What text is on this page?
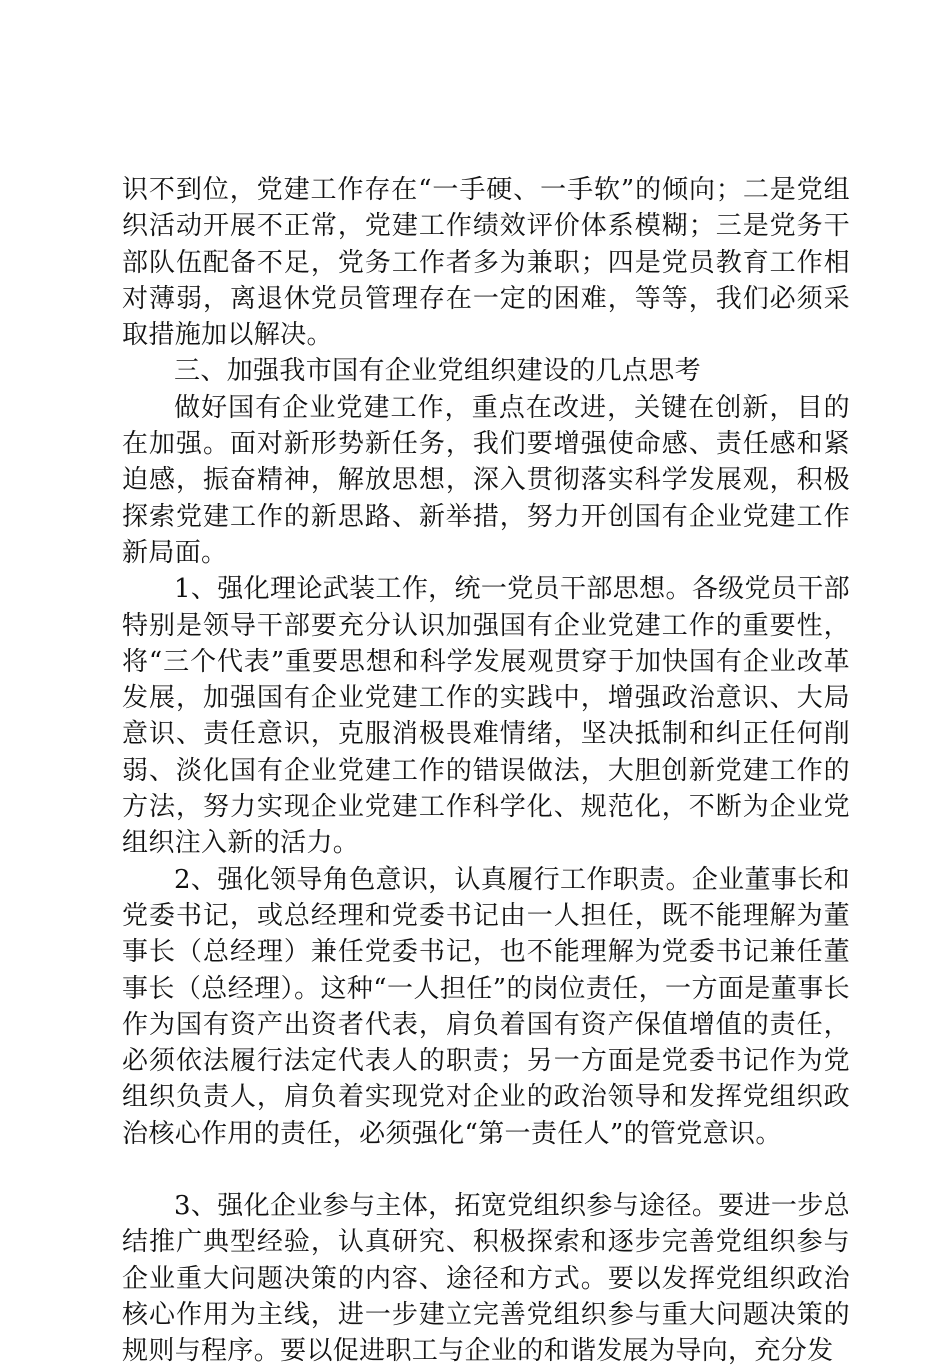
识不到位，党建工作存在“一手硬、一手软”的倾向；二是党组织活动开展不正常，党建工作绩效评价体系模糊；三是党务干部队伍配备不足，党务工作者多为兼职；四是党员教育工作相对薄弱，离退休党员管理存在一定的困难，等等，我们必须采取措施加以解决。

三、加强我市国有企业党组织建设的几点思考

做好国有企业党建工作，重点在改进，关键在创新，目的在加强。面对新形势新任务，我们要增强使命感、责任感和紧迫感，振奋精神，解放思想，深入贯彻落实科学发展观，积极探索党建工作的新思路、新举措，努力开创国有企业党建工作新局面。

1、强化理论武装工作，统一党员干部思想。各级党员干部特别是领导干部要充分认识加强国有企业党建工作的重要性，将“三个代表”重要思想和科学发展观贯穿于加快国有企业改革发展，加强国有企业党建工作的实践中，增强政治意识、大局意识、责任意识，克服消极畏难情绪，坚决抵制和纠正任何削弱、淡化国有企业党建工作的错误做法，大胆创新党建工作的方法，努力实现企业党建工作科学化、规范化，不断为企业党组织注入新的活力。

2、强化领导角色意识，认真履行工作职责。企业董事长和党委书记，或总经理和党委书记由一人担任，既不能理解为董事长（总经理）兼任党委书记，也不能理解为党委书记兼任董事长（总经理）。这种“一人担任”的岗位责任，一方面是董事长作为国有资产出资者代表，肩负着国有资产保值增值的责任，必须依法履行法定代表人的职责；另一方面是党委书记作为党组织负责人，肩负着实现党对企业的政治领导和发挥党组织政治核心作用的责任，必须强化“第一责任人”的管党意识。

3、强化企业参与主体，拓宽党组织参与途径。要进一步总结推广典型经验，认真研究、积极探索和逐步完善党组织参与企业重大问题决策的内容、途径和方式。要以发挥党组织政治核心作用为主线，进一步建立完善党组织参与重大问题决策的规则与程序。要以促进职工与企业的和谐发展为导向，充分发
